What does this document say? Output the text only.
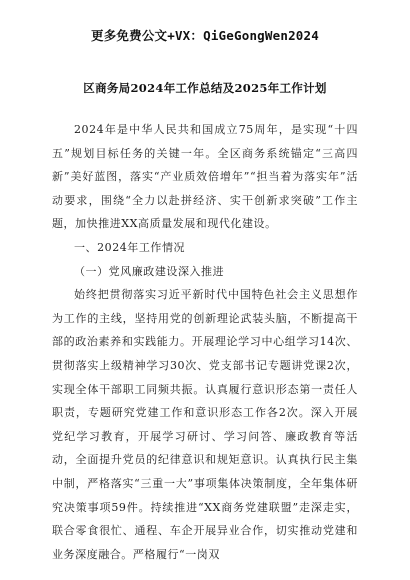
更多免费公文+VX：QiGeGongWen2024
区商务局2024年工作总结及2025年工作计划

2024年是中华人民共和国成立75周年，是实现“十四五”规划目标任务的关键一年。全区商务系统锚定“三高四新”美好蓝图，落实“产业质效倍增年”“担当着为落实年”活动要求，围绕“全力以赴拼经济、实干创新求突破”工作主题，加快推进XX高质量发展和现代化建设。

一、2024年工作情况

（一）党风廉政建设深入推进

始终把贯彻落实习近平新时代中国特色社会主义思想作为工作的主线，坚持用党的创新理论武装头脑，不断提高干部的政治素养和实践能力。开展理论学习中心组学习14次、贯彻落实上级精神学习30次、党支部书记专题讲党课2次，实现全体干部职工同频共振。认真履行意识形态第一责任人职责，专题研究党建工作和意识形态工作各2次。深入开展党纪学习教育，开展学习研讨、学习问答、廉政教育等活动，全面提升党员的纪律意识和规矩意识。认真执行民主集中制，严格落实“三重一大”事项集体决策制度，全年集体研究决策事项59件。持续推进“XX商务党建联盟”走深走实，联合零食很忙、通程、车企开展异业合作，切实推动党建和业务深度融合。严格履行“一岗双
